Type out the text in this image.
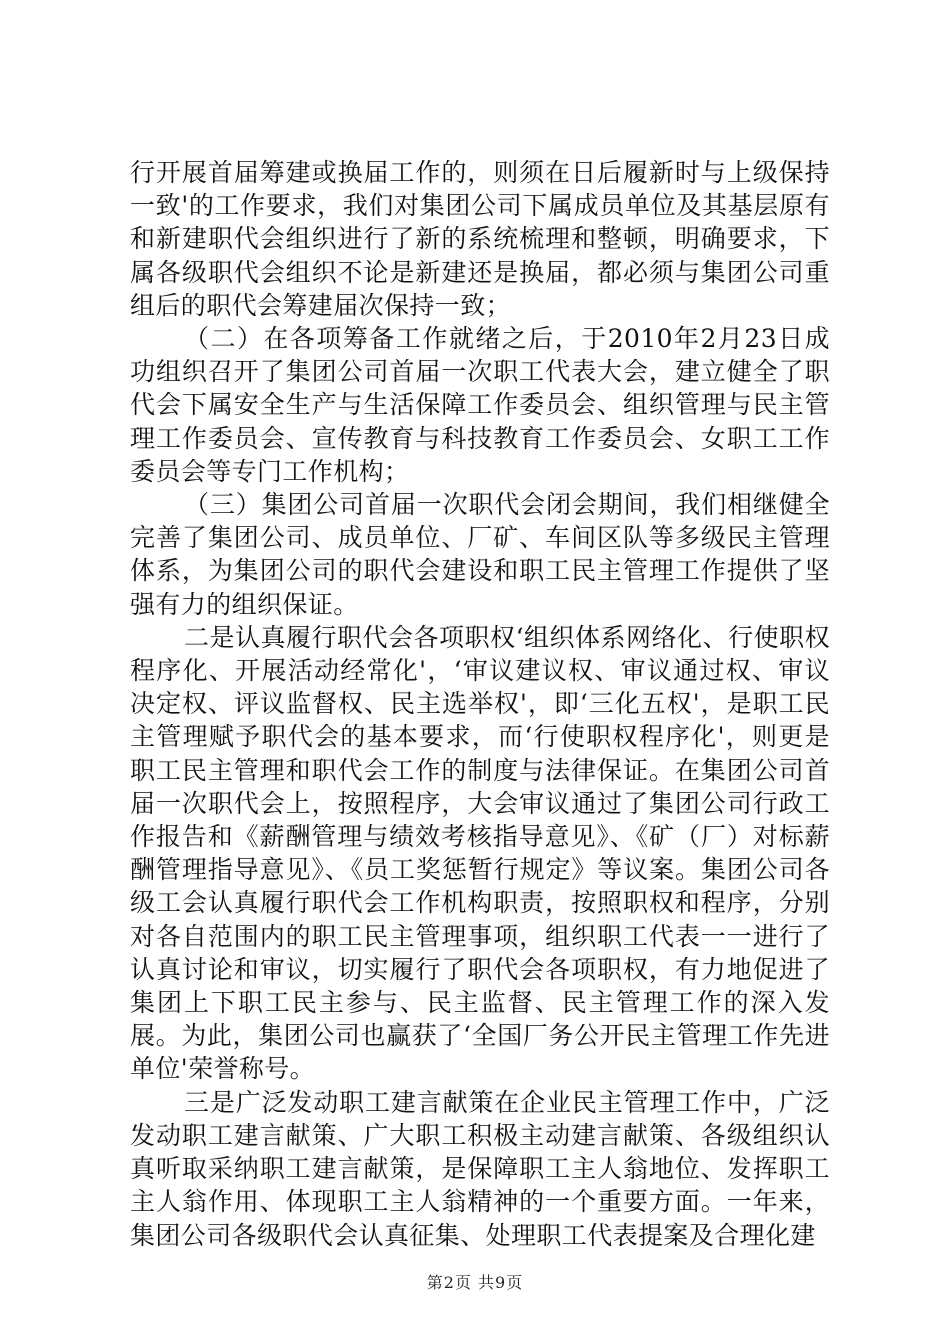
行开展首届筹建或换届工作的，则须在日后履新时与上级保持一致'的工作要求，我们对集团公司下属成员单位及其基层原有和新建职代会组织进行了新的系统梳理和整顿，明确要求，下属各级职代会组织不论是新建还是换届，都必须与集团公司重组后的职代会筹建届次保持一致；

（二）在各项筹备工作就绪之后，于2010年2月23日成功组织召开了集团公司首届一次职工代表大会，建立健全了职代会下属安全生产与生活保障工作委员会、组织管理与民主管理工作委员会、宣传教育与科技教育工作委员会、女职工工作委员会等专门工作机构；

（三）集团公司首届一次职代会闭会期间，我们相继健全完善了集团公司、成员单位、厂矿、车间区队等多级民主管理体系，为集团公司的职代会建设和职工民主管理工作提供了坚强有力的组织保证。

二是认真履行职代会各项职权‘组织体系网络化、行使职权程序化、开展活动经常化'，‘审议建议权、审议通过权、审议决定权、评议监督权、民主选举权'，即‘三化五权'，是职工民主管理赋予职代会的基本要求，而‘行使职权程序化'，则更是职工民主管理和职代会工作的制度与法律保证。在集团公司首届一次职代会上，按照程序，大会审议通过了集团公司行政工作报告和《薪酬管理与绩效考核指导意见》、《矿（厂）对标薪酬管理指导意见》、《员工奖惩暂行规定》等议案。集团公司各级工会认真履行职代会工作机构职责，按照职权和程序，分别对各自范围内的职工民主管理事项，组织职工代表一一进行了认真讨论和审议，切实履行了职代会各项职权，有力地促进了集团上下职工民主参与、民主监督、民主管理工作的深入发展。为此，集团公司也赢获了‘全国厂务公开民主管理工作先进单位'荣誉称号。

三是广泛发动职工建言献策在企业民主管理工作中，广泛发动职工建言献策、广大职工积极主动建言献策、各级组织认真听取采纳职工建言献策，是保障职工主人翁地位、发挥职工主人翁作用、体现职工主人翁精神的一个重要方面。一年来，集团公司各级职代会认真征集、处理职工代表提案及合理化建

第2页 共9页
